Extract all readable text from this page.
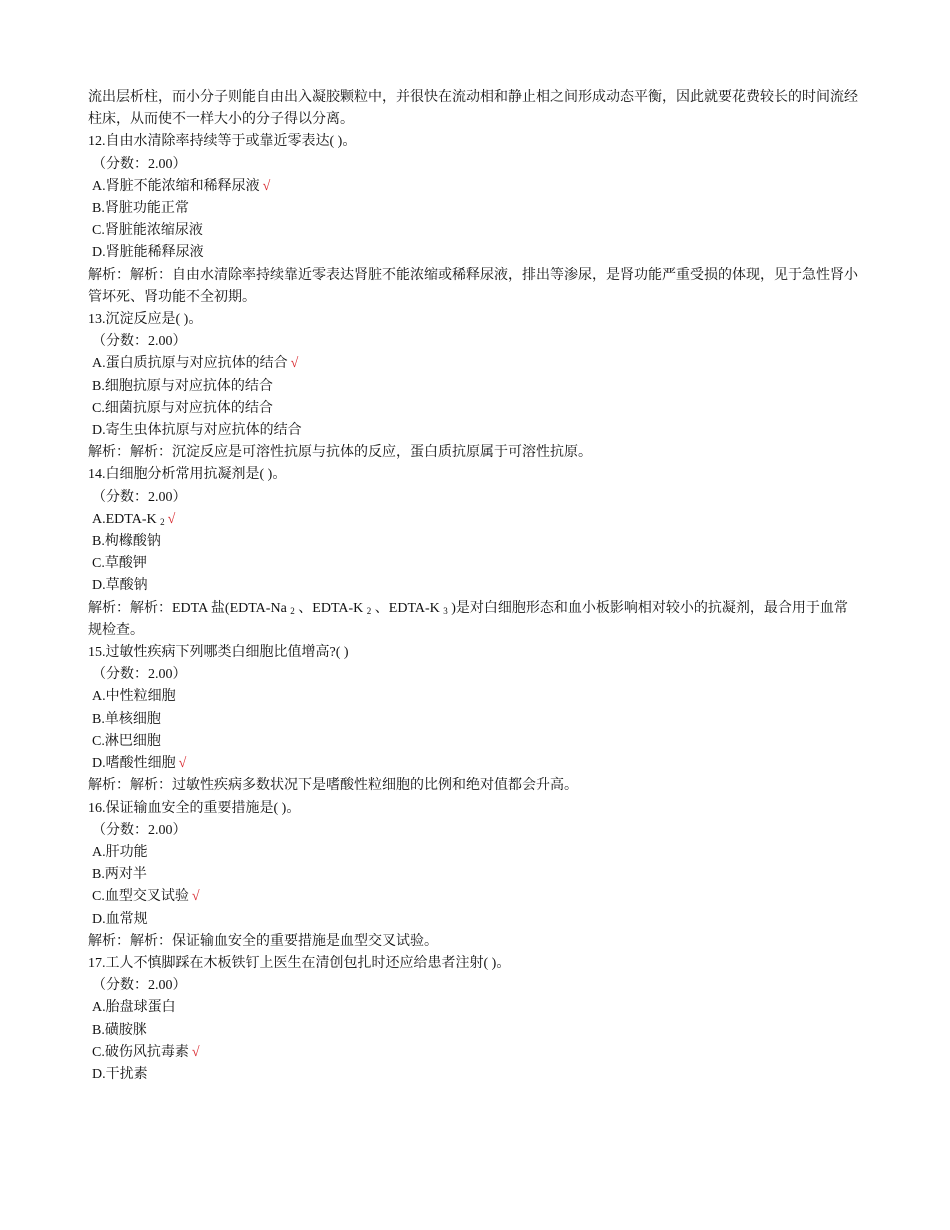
流出层析柱，而小分子则能自由出入凝胶颗粒中，并很快在流动相和静止相之间形成动态平衡，因此就要花费较长的时间流经柱床，从而使不一样大小的分子得以分离。
12.自由水清除率持续等于或靠近零表达( )。
（分数：2.00）
A.肾脏不能浓缩和稀释尿液 √
B.肾脏功能正常
C.肾脏能浓缩尿液
D.肾脏能稀释尿液
解析：解析：自由水清除率持续靠近零表达肾脏不能浓缩或稀释尿液，排出等渗尿，是肾功能严重受损的体现，见于急性肾小管坏死、肾功能不全初期。
13.沉淀反应是( )。
（分数：2.00）
A.蛋白质抗原与对应抗体的结合 √
B.细胞抗原与对应抗体的结合
C.细菌抗原与对应抗体的结合
D.寄生虫体抗原与对应抗体的结合
解析：解析：沉淀反应是可溶性抗原与抗体的反应，蛋白质抗原属于可溶性抗原。
14.白细胞分析常用抗凝剂是( )。
（分数：2.00）
A.EDTA-K $_2$ √
B.枸橼酸钠
C.草酸钾
D.草酸钠
解析：解析：EDTA 盐(EDTA-Na $_2$ 、EDTA-K $_2$ 、EDTA-K $_3$ )是对白细胞形态和血小板影响相对较小的抗凝剂，最合用于血常规检查。
15.过敏性疾病下列哪类白细胞比值增高?( )
（分数：2.00）
A.中性粒细胞
B.单核细胞
C.淋巴细胞
D.嗜酸性细胞 √
解析：解析：过敏性疾病多数状况下是嗜酸性粒细胞的比例和绝对值都会升高。
16.保证输血安全的重要措施是( )。
（分数：2.00）
A.肝功能
B.两对半
C.血型交叉试验 √
D.血常规
解析：解析：保证输血安全的重要措施是血型交叉试验。
17.工人不慎脚踩在木板铁钉上医生在清创包扎时还应给患者注射( )。
（分数：2.00）
A.胎盘球蛋白
B.磺胺脒
C.破伤风抗毒素 √
D.干扰素
